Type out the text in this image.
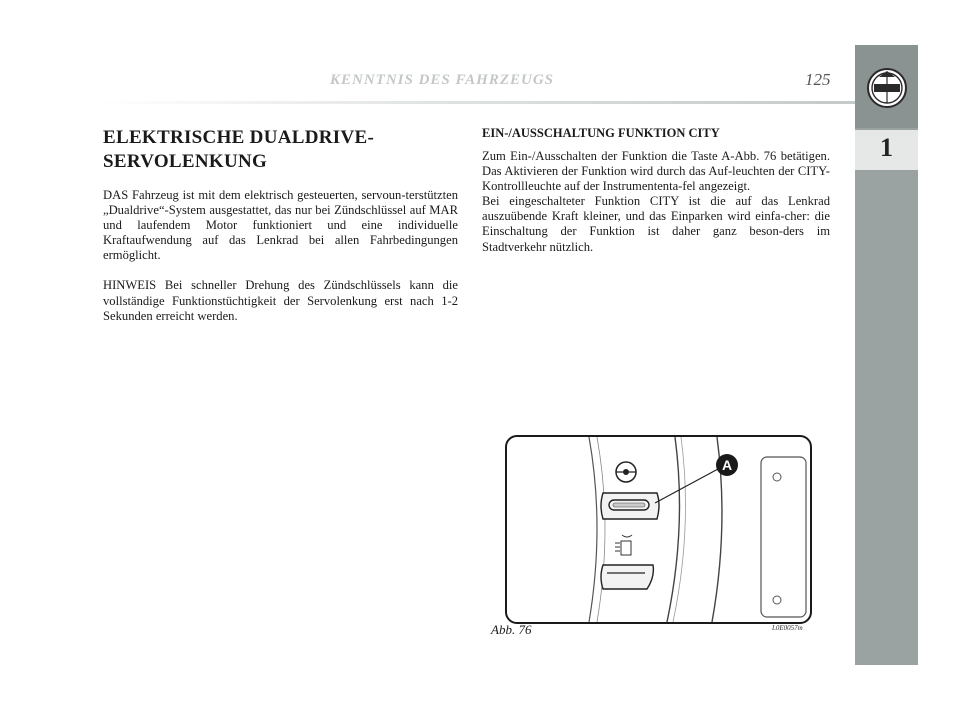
KENNTNIS DES FAHRZEUGS	125
1
ELEKTRISCHE DUALDRIVE-
SERVOLENKUNG

DAS Fahrzeug ist mit dem elektrisch gesteuerten, servoun-terstützten „Dualdrive“-System ausgestattet, das nur bei Zündschlüssel auf MAR und laufendem Motor funktioniert und eine individuelle Kraftaufwendung auf das Lenkrad bei allen Fahrbedingungen ermöglicht.

HINWEIS Bei schneller Drehung des Zündschlüssels kann die vollständige Funktionstüchtigkeit der Servolenkung erst nach 1-2 Sekunden erreicht werden.

EIN-/AUSSCHALTUNG FUNKTION CITY

Zum Ein-/Ausschalten der Funktion die Taste A-Abb. 76 betätigen. Das Aktivieren der Funktion wird durch das Auf-leuchten der CITY-Kontrollleuchte auf der Instrumententa-fel angezeigt.

Bei eingeschalteter Funktion CITY ist die auf das Lenkrad auszuübende Kraft kleiner, und das Einparken wird einfa-cher: die Einschaltung der Funktion ist daher ganz beson-ders im Stadtverkehr nützlich.

A
Abb. 76	L0E0057m
